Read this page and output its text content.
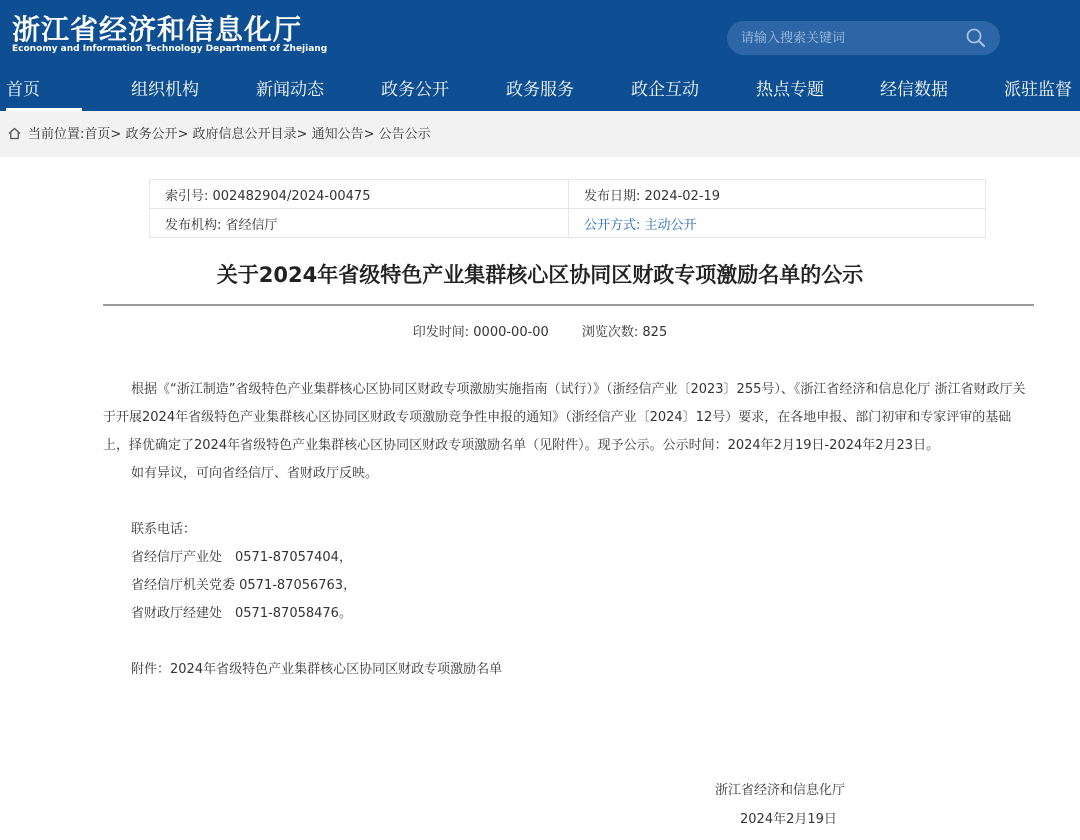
浙江省经济和信息化厅
Economy and Information Technology Department of Zhejiang
请输入搜索关键词
首页	组织机构	新闻动态	政务公开	政务服务	政企互动	热点专题	经信数据	派驻监督
当前位置:首页> 政务公开> 政府信息公开目录> 通知公告> 公告公示
索引号: 002482904/2024-00475	发布日期: 2024-02-19
发布机构: 省经信厅	公开方式: 主动公开
关于2024年省级特色产业集群核心区协同区财政专项激励名单的公示
印发时间: 0000-00-00	浏览次数: 825

根据《“浙江制造”省级特色产业集群核心区协同区财政专项激励实施指南（试行）》（浙经信产业〔2023〕255号）、《浙江省经济和信息化厅 浙江省财政厅关于开展2024年省级特色产业集群核心区协同区财政专项激励竞争性申报的通知》（浙经信产业〔2024〕12号）要求，在各地申报、部门初审和专家评审的基础上，择优确定了2024年省级特色产业集群核心区协同区财政专项激励名单（见附件）。现予公示。公示时间：2024年2月19日-2024年2月23日。

如有异议，可向省经信厅、省财政厅反映。

联系电话：

省经信厅产业处　0571-87057404，

省经信厅机关党委 0571-87056763，

省财政厅经建处　0571-87058476。

附件：2024年省级特色产业集群核心区协同区财政专项激励名单

浙江省经济和信息化厅
2024年2月19日
